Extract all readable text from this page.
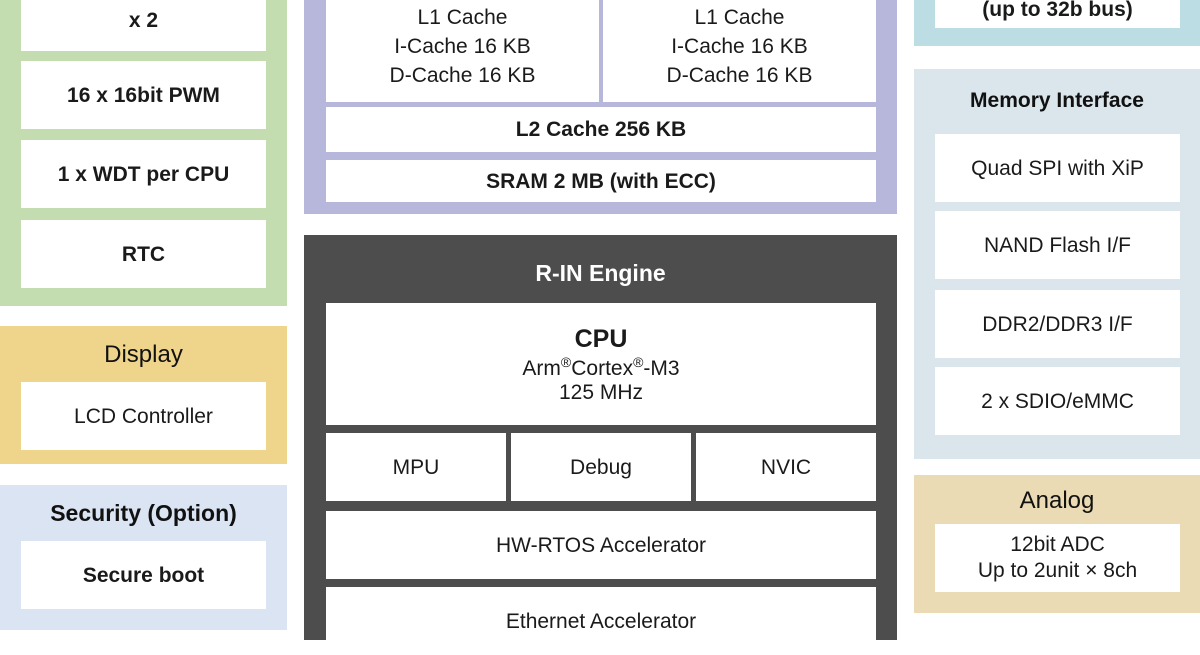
x 2
16 x 16bit PWM
1 x WDT per CPU
RTC
Display
LCD Controller
Security (Option)
Secure boot
L1 Cache
I-Cache 16 KB
D-Cache 16 KB
L1 Cache
I-Cache 16 KB
D-Cache 16 KB
L2 Cache 256 KB
SRAM 2 MB (with ECC)
R-IN Engine
CPU
Arm®Cortex®-M3
125 MHz
MPU	Debug	NVIC
HW-RTOS Accelerator
Ethernet Accelerator
(up to 32b bus)
Memory Interface
Quad SPI with XiP
NAND Flash I/F
DDR2/DDR3 I/F
2 x SDIO/eMMC
Analog
12bit ADC
Up to 2unit × 8ch
